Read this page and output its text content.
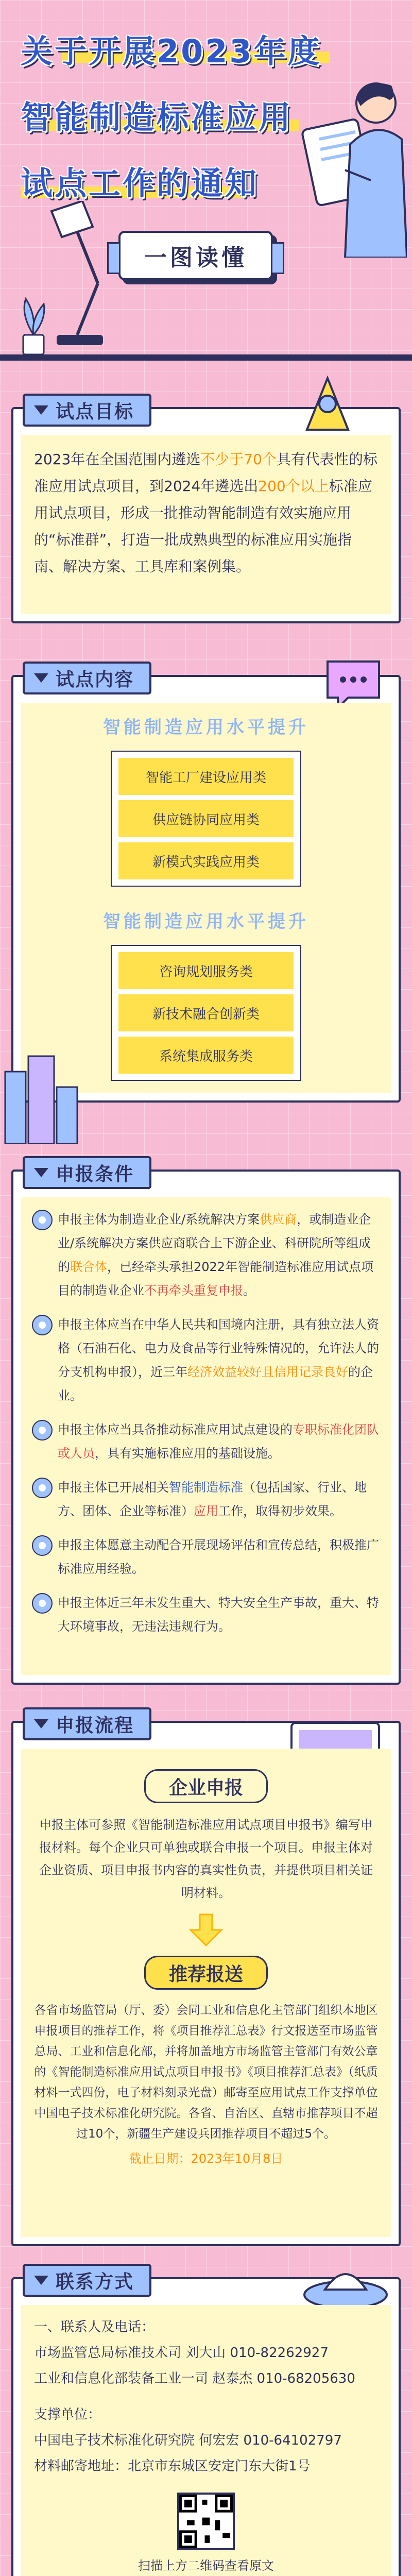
关于开展2023年度
智能制造标准应用
试点工作的通知
一图读懂
试点目标

2023年在全国范围内遴选不少于70个具有代表性的标准应用试点项目，到2024年遴选出200个以上标准应用试点项目，形成一批推动智能制造有效实施应用的“标准群”，打造一批成熟典型的标准应用实施指南、解决方案、工具库和案例集。

试点内容
智能制造应用水平提升
智能工厂建设应用类
供应链协同应用类
新模式实践应用类
智能制造应用水平提升
咨询规划服务类
新技术融合创新类
系统集成服务类
申报条件
申报主体为制造业企业/系统解决方案供应商，或制造业企业/系统解决方案供应商联合上下游企业、科研院所等组成的联合体，已经牵头承担2022年智能制造标准应用试点项目的制造业企业不再牵头重复申报。
申报主体应当在中华人民共和国境内注册，具有独立法人资格（石油石化、电力及食品等行业特殊情况的，允许法人的分支机构申报），近三年经济效益较好且信用记录良好的企业。
申报主体应当具备推动标准应用试点建设的专职标准化团队或人员，具有实施标准应用的基础设施。
申报主体已开展相关智能制造标准（包括国家、行业、地方、团体、企业等标准）应用工作，取得初步效果。
申报主体愿意主动配合开展现场评估和宣传总结，积极推广标准应用经验。
申报主体近三年未发生重大、特大安全生产事故，重大、特大环境事故，无违法违规行为。
申报流程
企业申报

申报主体可参照《智能制造标准应用试点项目申报书》编写申报材料。每个企业只可单独或联合申报一个项目。申报主体对企业资质、项目申报书内容的真实性负责，并提供项目相关证明材料。

推荐报送

各省市场监管局（厅、委）会同工业和信息化主管部门组织本地区申报项目的推荐工作，将《项目推荐汇总表》行文报送至市场监管总局、工业和信息化部，并将加盖地方市场监管主管部门有效公章的《智能制造标准应用试点项目申报书》《项目推荐汇总表》（纸质材料一式四份，电子材料刻录光盘）邮寄至应用试点工作支撑单位中国电子技术标准化研究院。各省、自治区、直辖市推荐项目不超过10个，新疆生产建设兵团推荐项目不超过5个。

截止日期：2023年10月8日

联系方式

一、联系人及电话：

市场监管总局标准技术司 刘大山 010-82262927

工业和信息化部装备工业一司 赵泰杰 010-68205630

支撑单位：

中国电子技术标准化研究院 何宏宏 010-64102797

材料邮寄地址：北京市东城区安定门东大街1号

扫描上方二维码查看原文
